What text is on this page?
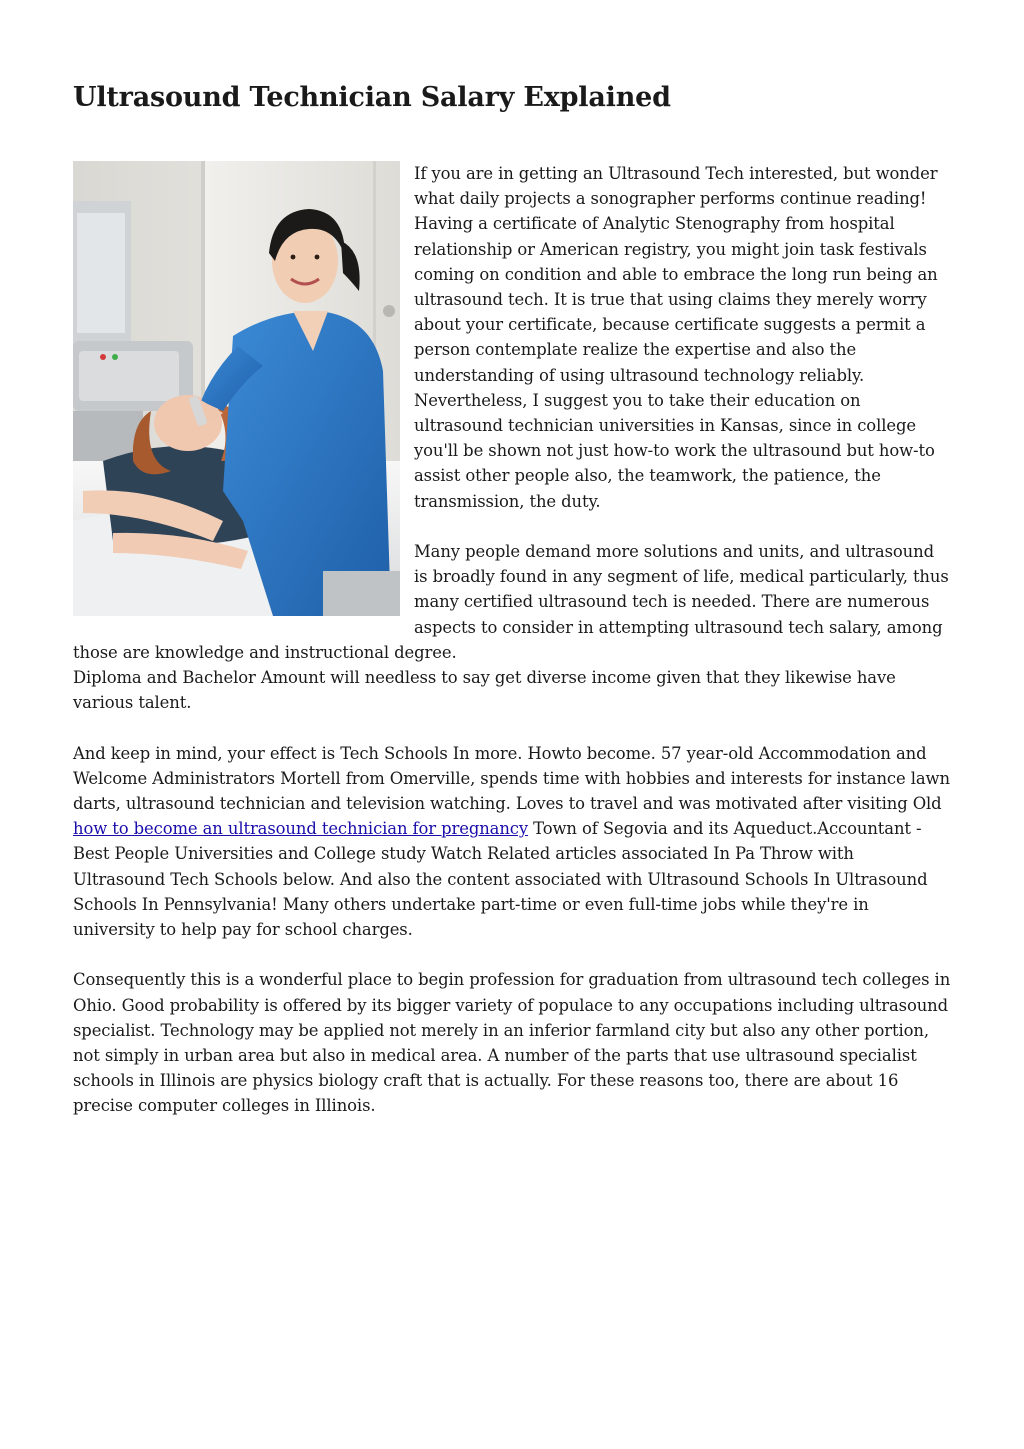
Ultrasound Technician Salary Explained

If you are in getting an Ultrasound Tech interested, but wonder what daily projects a sonographer performs continue reading! Having a certificate of Analytic Stenography from hospital relationship or American registry, you might join task festivals coming on condition and able to embrace the long run being an ultrasound tech. It is true that using claims they merely worry about your certificate, because certificate suggests a permit a person contemplate realize the expertise and also the understanding of using ultrasound technology reliably. Nevertheless, I suggest you to take their education on ultrasound technician universities in Kansas, since in college you'll be shown not just how-to work the ultrasound but how-to assist other people also, the teamwork, the patience, the transmission, the duty.

Many people demand more solutions and units, and ultrasound is broadly found in any segment of life, medical particularly, thus many certified ultrasound tech is needed. There are numerous aspects to consider in attempting ultrasound tech salary, among those are knowledge and instructional degree.

Diploma and Bachelor Amount will needless to say get diverse income given that they likewise have various talent.

And keep in mind, your effect is Tech Schools In more. Howto become. 57 year-old Accommodation and Welcome Administrators Mortell from Omerville, spends time with hobbies and interests for instance lawn darts, ultrasound technician and television watching. Loves to travel and was motivated after visiting Old how to become an ultrasound technician for pregnancy Town of Segovia and its Aqueduct.Accountant - Best People Universities and College study Watch Related articles associated In Pa Throw with Ultrasound Tech Schools below. And also the content associated with Ultrasound Schools In Ultrasound Schools In Pennsylvania! Many others undertake part-time or even full-time jobs while they're in university to help pay for school charges.

Consequently this is a wonderful place to begin profession for graduation from ultrasound tech colleges in Ohio. Good probability is offered by its bigger variety of populace to any occupations including ultrasound specialist. Technology may be applied not merely in an inferior farmland city but also any other portion, not simply in urban area but also in medical area. A number of the parts that use ultrasound specialist schools in Illinois are physics biology craft that is actually. For these reasons too, there are about 16 precise computer colleges in Illinois.
